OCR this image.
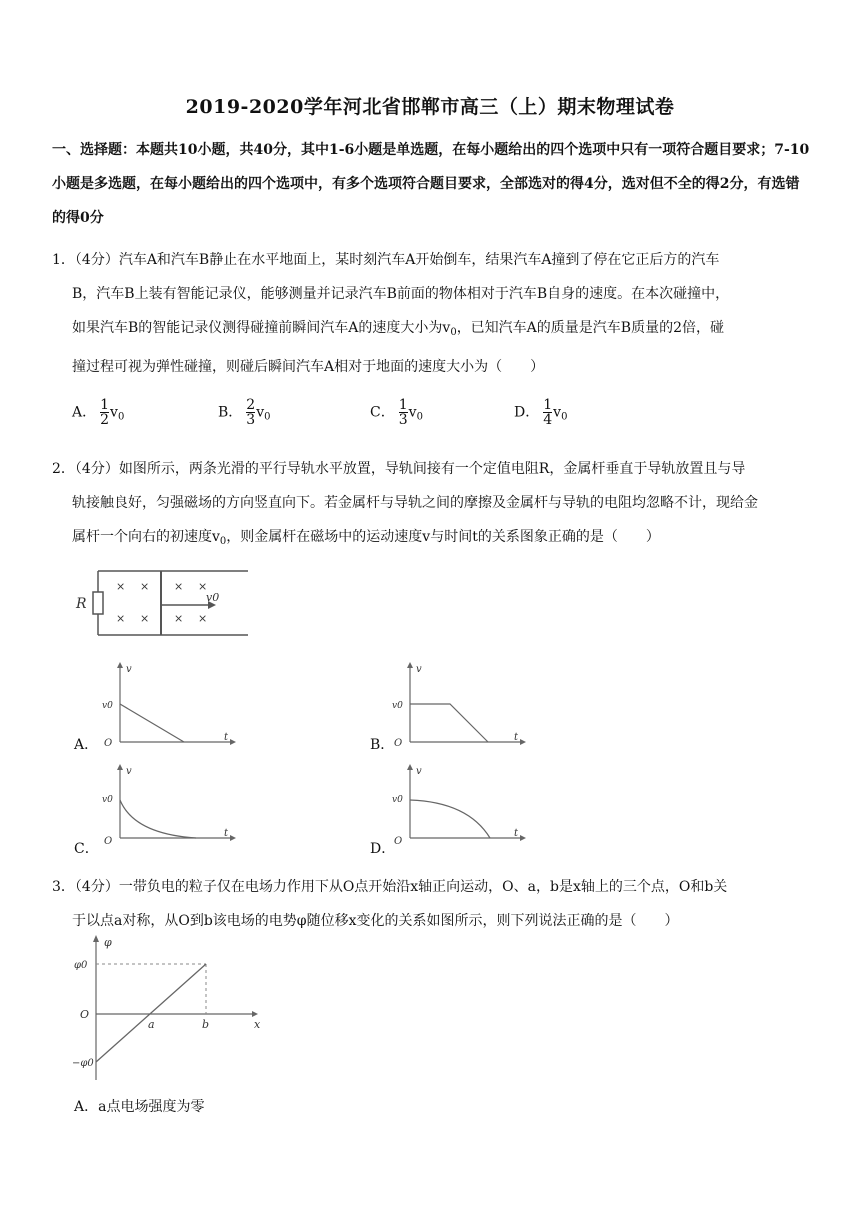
2019-2020学年河北省邯郸市高三（上）期末物理试卷
一、选择题：本题共10小题，共40分，其中1-6小题是单选题，在每小题给出的四个选项中只有一项符合题目要求；7-10小题是多选题，在每小题给出的四个选项中，有多个选项符合题目要求，全部选对的得4分，选对但不全的得2分，有选错的得0分
1．（4分）汽车A和汽车B静止在水平地面上，某时刻汽车A开始倒车，结果汽车A撞到了停在它正后方的汽车
B，汽车B上装有智能记录仪，能够测量并记录汽车B前面的物体相对于汽车B自身的速度。在本次碰撞中，
如果汽车B的智能记录仪测得碰撞前瞬间汽车A的速度大小为$v_0$，已知汽车A的质量是汽车B质量的2倍，碰
撞过程可视为弹性碰撞，则碰后瞬间汽车A相对于地面的速度大小为（　　）
A． $\frac{1}{2} v_0$	B． $\frac{2}{3} v_0$	C． $\frac{1}{3} v_0$	D． $\frac{1}{4} v_0$
2．（4分）如图所示，两条光滑的平行导轨水平放置，导轨间接有一个定值电阻R，金属杆垂直于导轨放置且与导
轨接触良好，匀强磁场的方向竖直向下。若金属杆与导轨之间的摩擦及金属杆与导轨的电阻均忽略不计，现给金
属杆一个向右的初速度$v_0$，则金属杆在磁场中的运动速度v与时间t的关系图象正确的是（　　）
R
× × × ×
× × × ×
v0
A．
v
v0
O
t	B．
v
v0
O
t
C．
v
v0
O
t
D．
v
v0
O
t
3．（4分）一带负电的粒子仅在电场力作用下从O点开始沿x轴正向运动，O、a，b是x轴上的三个点，O和b关
于以点a对称，从O到b该电场的电势φ随位移x变化的关系如图所示，则下列说法正确的是（　　）
φ
φ0
−φ0
O
a	b	x
A．a点电场强度为零
